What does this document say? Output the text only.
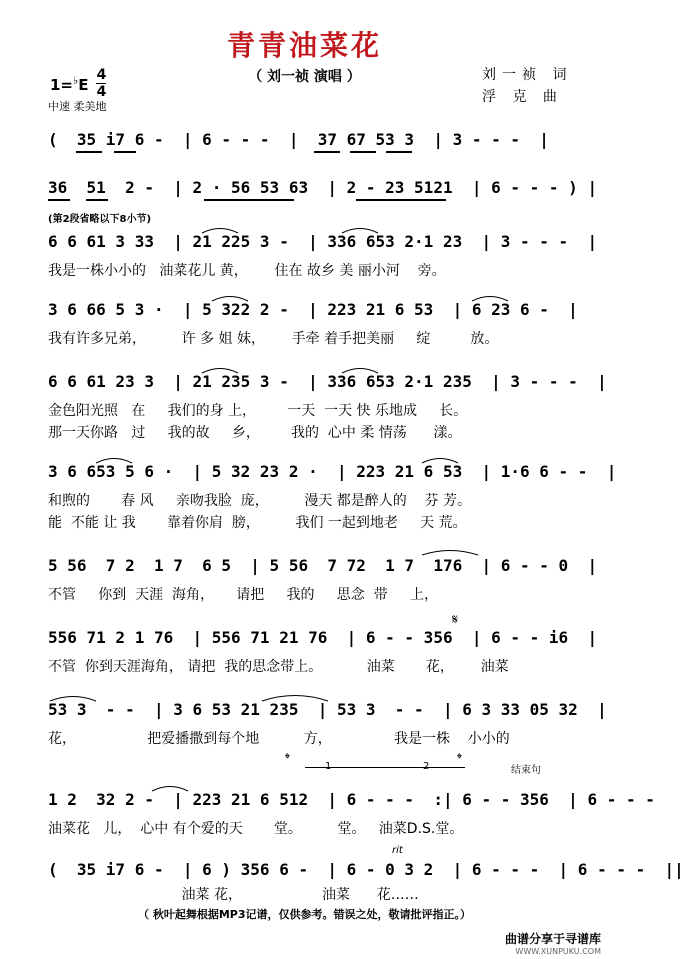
青青油菜花
（ 刘一祯 演唱 ）	刘一祯 词
浮 克 曲
1=♭E
4
4
中速 柔美地
(第2段省略以下8小节)
(  35 i7 6 -  | 6 - - -  |  37 67 53 3  | 3 - - -  |
36  51  2 -  | 2 · 56 53 63  | 2 - 23 5121  | 6 - - - ) |
6 6 61 3 33  | 21 225 3 -  | 336 653 2·1 23  | 3 - - -  |
我是一株小小的   油菜花儿 黄，      住在 故乡 美 丽小河    旁。
3 6 66 5 3 ·  | 5 322 2 -  | 223 21 6 53  | 6 23 6 -  |
我有许多兄弟，        许 多 姐 妹，      手牵 着手把美丽     绽         放。
6 6 61 23 3  | 21 235 3 -  | 336 653 2·1 235  | 3 - - -  |
金色阳光照   在     我们的身 上，       一天  一天 快 乐地成     长。
那一天你路   过     我的故     乡，       我的  心中 柔 情荡      漾。
3 6 653 5 6 ·  | 5 32 23 2 ·  | 223 21 6 53  | 1·6 6 - -  |
和煦的       春 风     亲吻我脸  庞，        漫天 都是醉人的    芬 芳。
能  不能 让 我       靠着你肩  膀，        我们 一起到地老     天 荒。
5 56  7 2  1 7  6 5  | 5 56  7 72  1 7  176  | 6 - - 0  |
不管     你到  天涯  海角，     请把     我的     思念  带     上，
556 71 2 1 76  | 556 71 21 76  | 6 - - 356  | 6 - - i6  |
不管  你到天涯海角， 请把  我的思念带上。          油菜       花，      油菜
𝄋
53 3  - -  | 3 6 53 21 235  | 53 3  - -  | 6 3 33 05 32  |
花，                把爱播撒到每个地          方，              我是一株    小小的
𝄌	1	2 𝄌
结束句
1 2  32 2 -  | 223 21 6 512  | 6 - - -  :| 6 - - 356  | 6 - - -
油菜花   儿，  心中 有个爱的天       堂。        堂。   油菜D.S.堂。
(  35 i7 6 -  | 6 ) 356 6 -  | 6 - 0 3 2  | 6 - - -  | 6 - - -  ||
油菜 花，                  油菜      花……
rit
（ 秋叶起舞根据MP3记谱，仅供参考。错误之处，敬请批评指正。）
曲谱分享于寻谱库
WWW.XUNPUKU.COM
